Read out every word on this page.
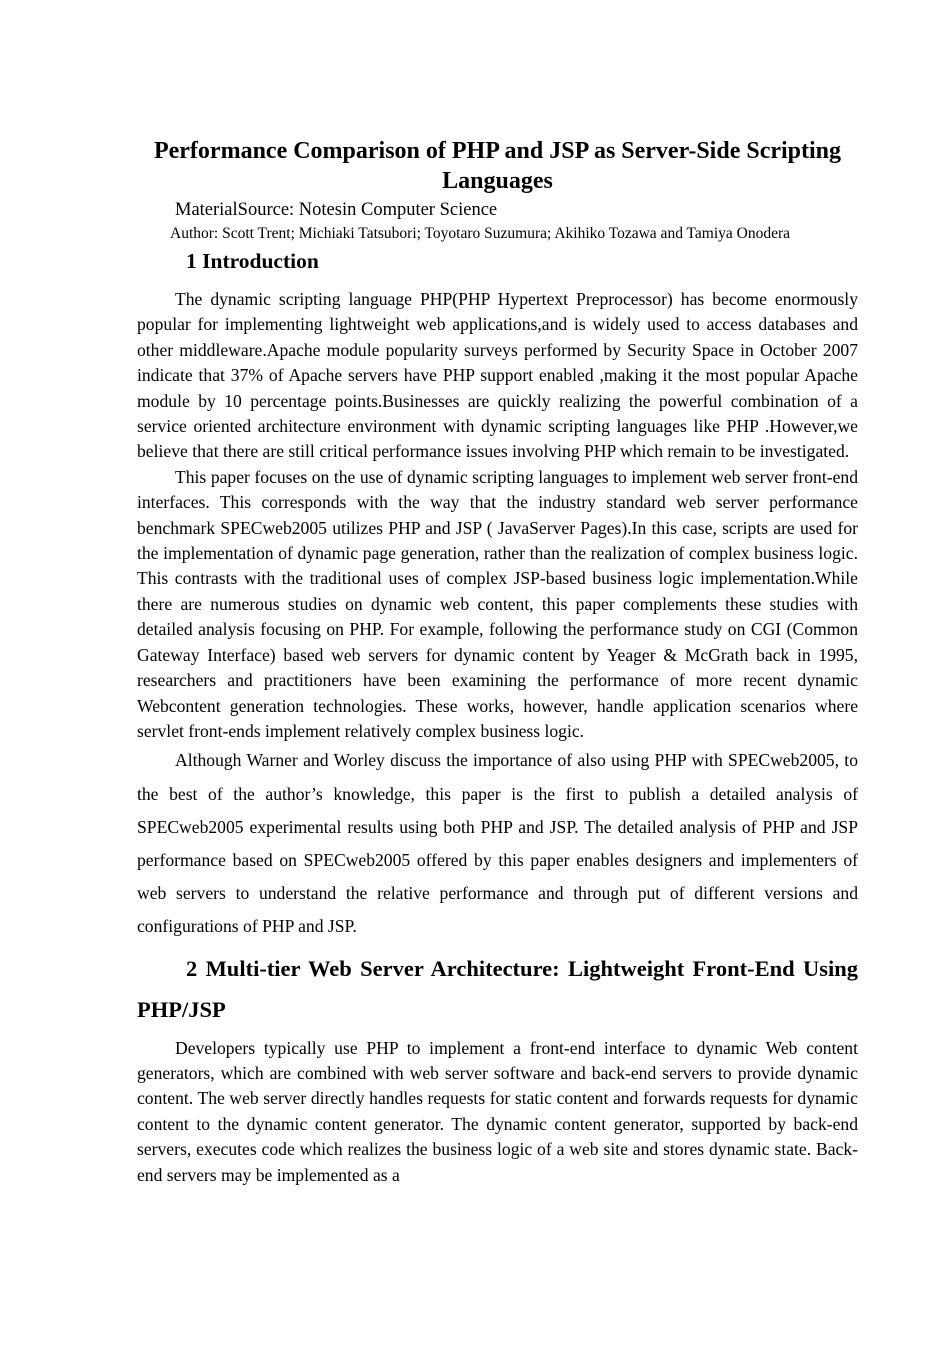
Performance Comparison of PHP and JSP as Server-Side Scripting Languages
MaterialSource: Notesin Computer Science
Author: Scott Trent; Michiaki Tatsubori; Toyotaro Suzumura; Akihiko Tozawa and Tamiya Onodera
1 Introduction

The dynamic scripting language PHP(PHP Hypertext Preprocessor) has become enormously popular for implementing lightweight web applications,and is widely used to access databases and other middleware.Apache module popularity surveys performed by Security Space in October 2007 indicate that 37% of Apache servers have PHP support enabled ,making it the most popular Apache module by 10 percentage points.Businesses are quickly realizing the powerful combination of a service oriented architecture environment with dynamic scripting languages like PHP .However,we believe that there are still critical performance issues involving PHP which remain to be investigated.

This paper focuses on the use of dynamic scripting languages to implement web server front-end interfaces. This corresponds with the way that the industry standard web server performance benchmark SPECweb2005 utilizes PHP and JSP ( JavaServer Pages).In this case, scripts are used for the implementation of dynamic page generation, rather than the realization of complex business logic. This contrasts with the traditional uses of complex JSP-based business logic implementation.While there are numerous studies on dynamic web content, this paper complements these studies with detailed analysis focusing on PHP. For example, following the performance study on CGI (Common Gateway Interface) based web servers for dynamic content by Yeager & McGrath back in 1995, researchers and practitioners have been examining the performance of more recent dynamic Webcontent generation technologies. These works, however, handle application scenarios where servlet front-ends implement relatively complex business logic.

Although Warner and Worley discuss the importance of also using PHP with SPECweb2005, to the best of the author’s knowledge, this paper is the first to publish a detailed analysis of SPECweb2005 experimental results using both PHP and JSP. The detailed analysis of PHP and JSP performance based on SPECweb2005 offered by this paper enables designers and implementers of web servers to understand the relative performance and through put of different versions and configurations of PHP and JSP.

2 Multi-tier Web Server Architecture: Lightweight Front-End Using PHP/JSP

Developers typically use PHP to implement a front-end interface to dynamic Web content generators, which are combined with web server software and back-end servers to provide dynamic content. The web server directly handles requests for static content and forwards requests for dynamic content to the dynamic content generator. The dynamic content generator, supported by back-end servers, executes code which realizes the business logic of a web site and stores dynamic state. Back-end servers may be implemented as a
